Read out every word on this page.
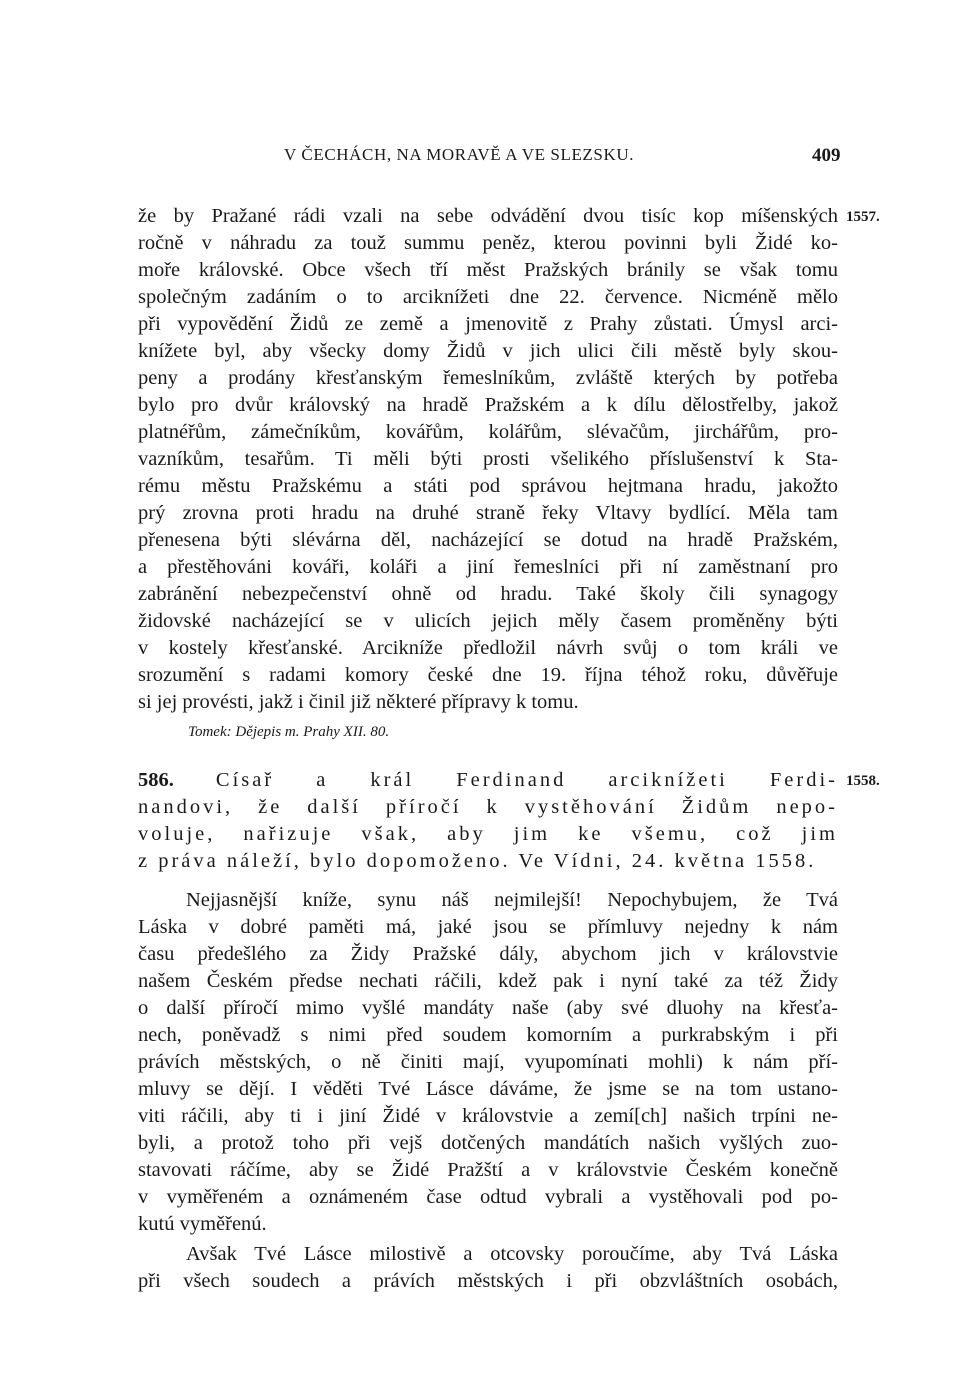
V ČECHÁCH, NA MORAVĚ A VE SLEZSKU.	409
že by Pražané rádi vzali na sebe odvádění dvou tisíc kop míšenských
ročně v náhradu za touž summu peněz, kterou povinni byli Židé ko-
moře královské. Obce všech tří měst Pražských bránily se však tomu
společným zadáním o to arciknížeti dne 22. července. Nicméně mělo
při vypovědění Židů ze země a jmenovitě z Prahy zůstati. Úmysl arci-
knížete byl, aby všecky domy Židů v jich ulici čili městě byly skou-
peny a prodány křesťanským řemeslníkům, zvláště kterých by potřeba
bylo pro dvůr královský na hradě Pražském a k dílu dělostřelby, jakož
platnéřům, zámečníkům, kovářům, kolářům, slévačům, jirchářům, pro-
vazníkům, tesařům. Ti měli býti prosti všelikého příslušenství k Sta-
rému městu Pražskému a státi pod správou hejtmana hradu, jakožto
prý zrovna proti hradu na druhé straně řeky Vltavy bydlící. Měla tam
přenesena býti slévárna děl, nacházející se dotud na hradě Pražském,
a přestěhováni kováři, koláři a jiní řemeslníci při ní zaměstnaní pro
zabránění nebezpečenství ohně od hradu. Také školy čili synagogy
židovské nacházející se v ulicích jejich měly časem proměněny býti
v kostely křesťanské. Arcikníže předložil návrh svůj o tom králi ve
srozumění s radami komory české dne 19. října téhož roku, důvěřuje
si jej provésti, jakž i činil již některé přípravy k tomu.
Tomek: Dějepis m. Prahy XII. 80.
586. Císař a král Ferdinand arciknížeti Ferdi-
nandovi, že další příročí k vystěhování Židům nepo-
voluje, nařizuje však, aby jim ke všemu, což jim
z práva náleží, bylo dopomoženo. Ve Vídni, 24. května 1558.
Nejjasnější kníže, synu náš nejmilejší! Nepochybujem, že Tvá
Láska v dobré paměti má, jaké jsou se přímluvy nejedny k nám
času předešlého za Židy Pražské dály, abychom jich v královstvie
našem Českém předse nechati ráčili, kdež pak i nyní také za též Židy
o další příročí mimo vyšlé mandáty naše (aby své dluohy na křesťa-
nech, poněvadž s nimi před soudem komorním a purkrabským i při
právích městských, o ně činiti mají, vyupomínati mohli) k nám pří-
mluvy se dějí. I věděti Tvé Lásce dáváme, že jsme se na tom ustano-
viti ráčili, aby ti i jiní Židé v královstvie a zemí[ch] našich trpíni ne-
byli, a protož toho při vejš dotčených mandátích našich vyšlých zuo-
stavovati ráčíme, aby se Židé Pražští a v královstvie Českém konečně
v vyměřeném a oznámeném čase odtud vybrali a vystěhovali pod po-
kutú vyměřenú.
Avšak Tvé Lásce milostivě a otcovsky poroučíme, aby Tvá Láska
při všech soudech a právích městských i při obzvláštních osobách,
1557.
1558.
